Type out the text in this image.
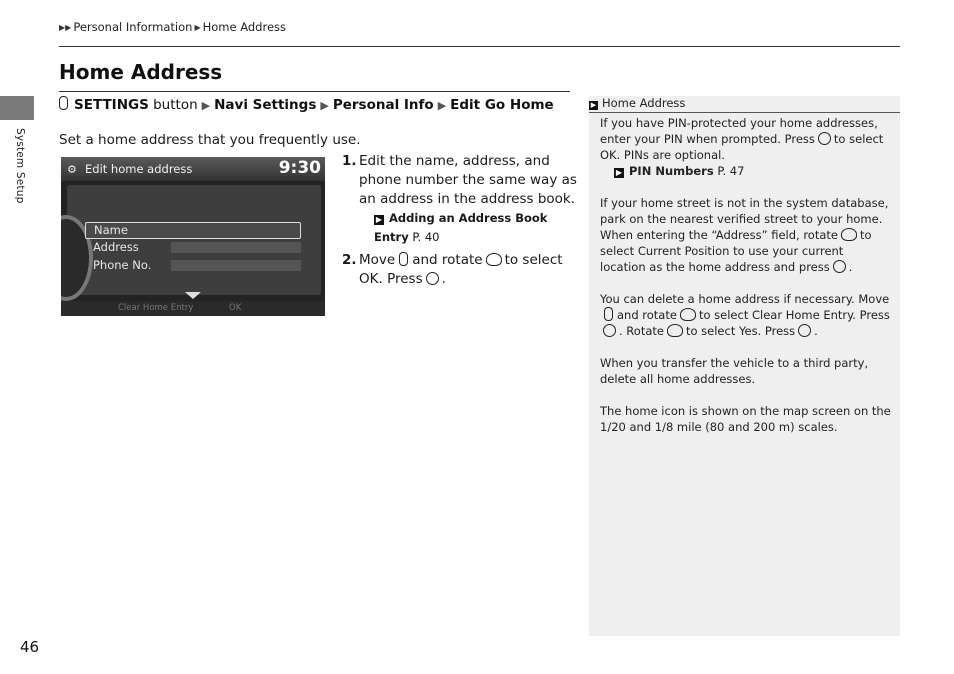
▶▶ Personal Information ▶ Home Address
System Setup
Home Address
SETTINGS button ▶ Navi Settings ▶ Personal Info ▶ Edit Go Home
Set a home address that you frequently use.
⚙ Edit home address	9:30
Name
Address
Phone No.
Clear Home Entry	OK
1. Edit the name, address, and phone number the same way as an address in the address book.
▶ Adding an Address Book Entry P. 40
2. Move and rotate to select OK. Press .
▶ Home Address

If you have PIN-protected your home addresses, enter your PIN when prompted. Press to select OK. PINs are optional.

▶ PIN Numbers P. 47

If your home street is not in the system database, park on the nearest verified street to your home. When entering the “Address” field, rotate to select Current Position to use your current location as the home address and press .

You can delete a home address if necessary. Moveand rotate to select Clear Home Entry. Press. Rotate to select Yes. Press .

When you transfer the vehicle to a third party, delete all home addresses.

The home icon is shown on the map screen on the 1/20 and 1/8 mile (80 and 200 m) scales.

46
